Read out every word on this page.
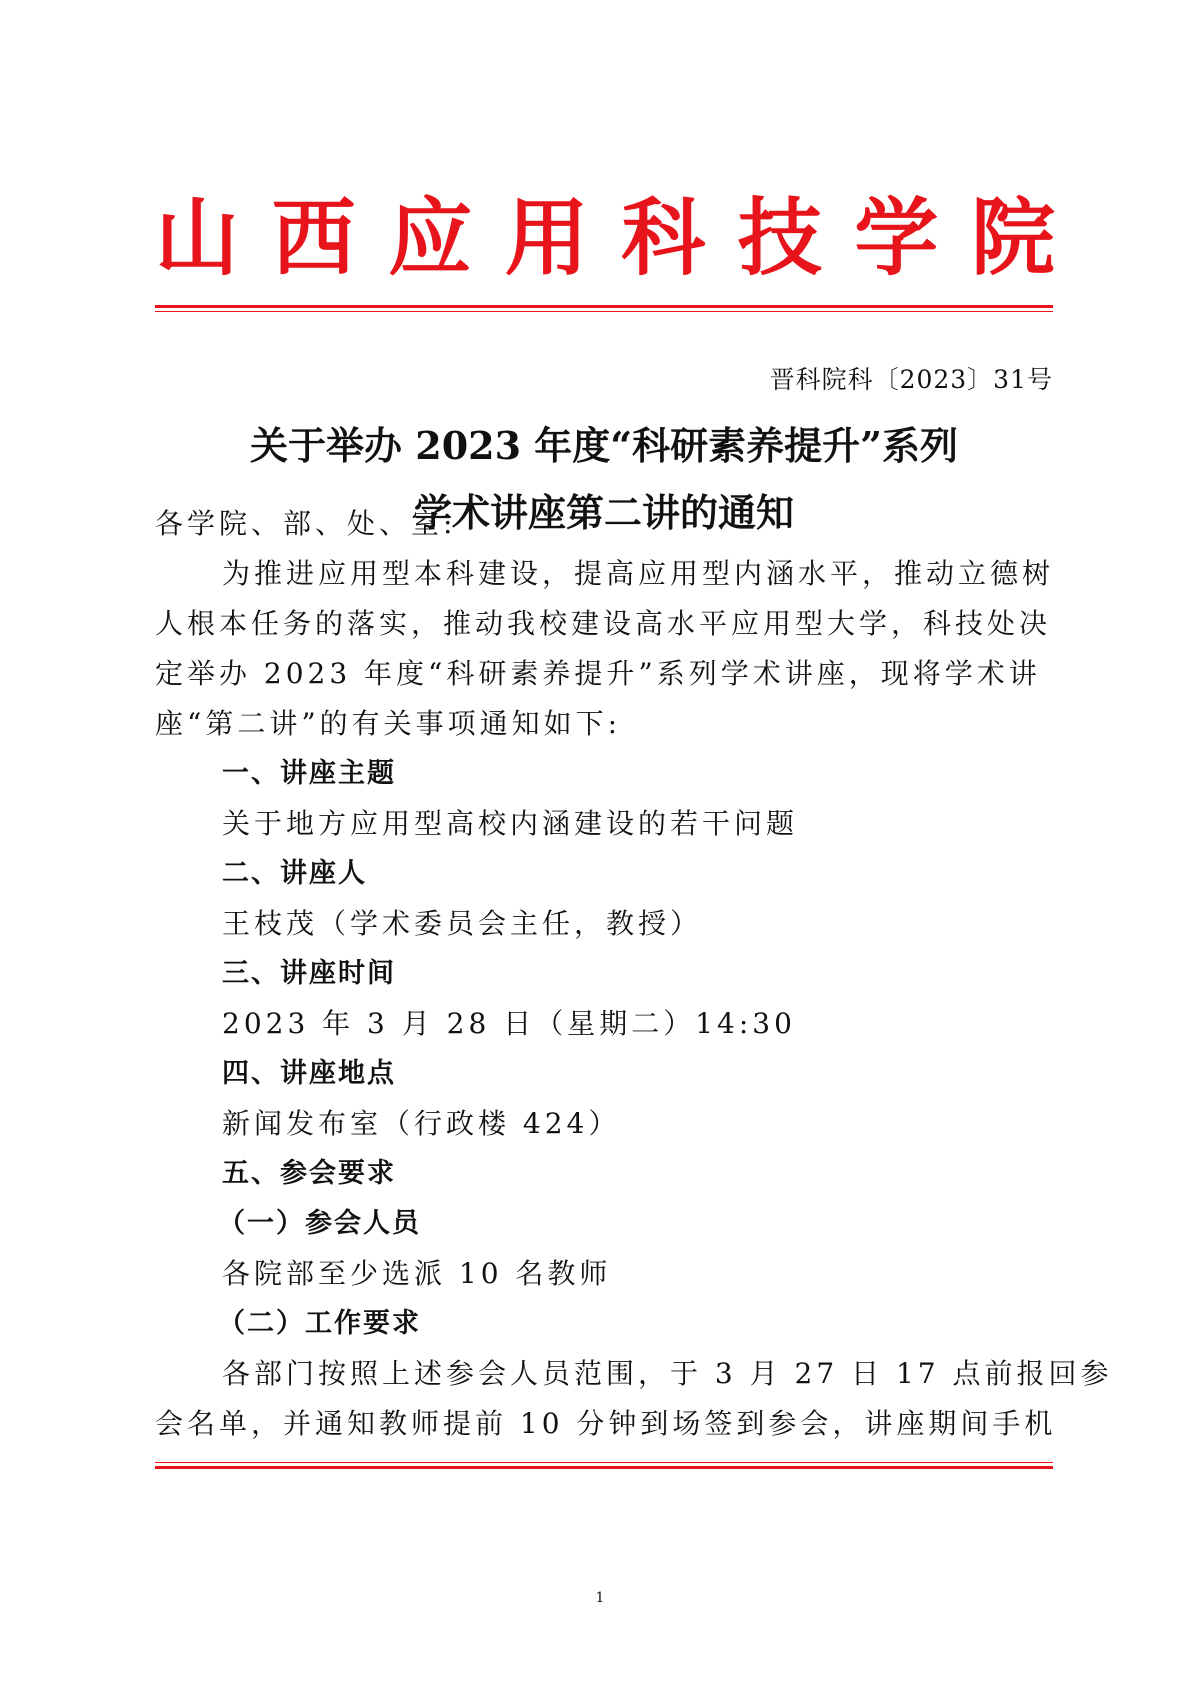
山 西 应 用 科 技 学 院
晋科院科〔2023〕31号
关于举办 2023 年度“科研素养提升”系列
学术讲座第二讲的通知
各学院、部、处、室:
为推进应用型本科建设，提高应用型内涵水平，推动立德树
人根本任务的落实，推动我校建设高水平应用型大学，科技处决
定举办 2023 年度“科研素养提升”系列学术讲座，现将学术讲
座“第二讲”的有关事项通知如下:
一、讲座主题
关于地方应用型高校内涵建设的若干问题
二、讲座人
王枝茂（学术委员会主任，教授）
三、讲座时间
2023 年 3 月 28 日（星期二）14:30
四、讲座地点
新闻发布室（行政楼 424）
五、参会要求
（一）参会人员
各院部至少选派 10 名教师
（二）工作要求
各部门按照上述参会人员范围，于 3 月 27 日 17 点前报回参
会名单，并通知教师提前 10 分钟到场签到参会，讲座期间手机
1
